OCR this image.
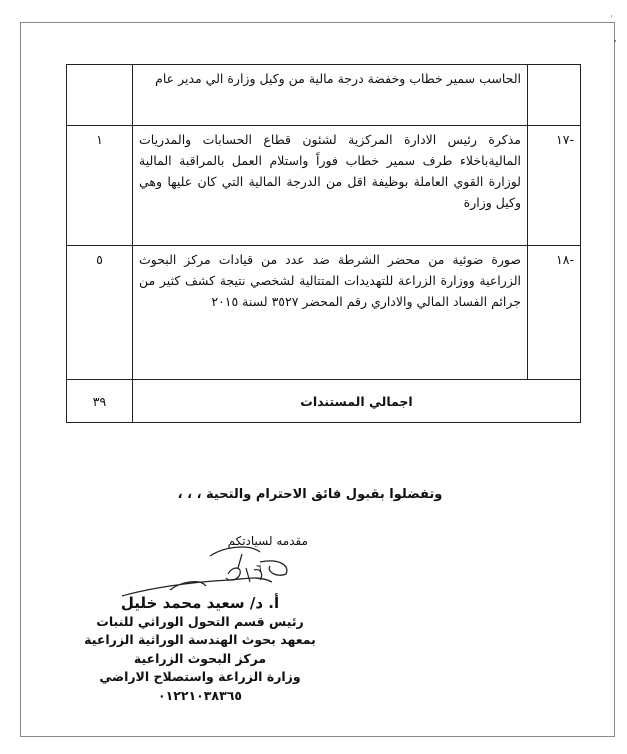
'
	الحاسب سمير خطاب وخفضة درجة مالية من وكيل وزارة الي مدير عام	
-١٧	مذكرة رئيس الادارة المركزية لشئون قطاع الحسابات والمدريات الماليةباخلاء طرف سمير خطاب فوراً واستلام العمل بالمراقبة المالية لوزارة القوي العاملة بوظيفة اقل من الدرجة المالية التي كان عليها وهي وكيل وزارة	١
-١٨	صورة ضوئية من محضر الشرطة ضد عدد من قيادات مركز البحوث الزراعية ووزارة الزراعة للتهديدات المتتالية لشخصي نتيجة كشف كثير من جرائم الفساد المالي والاداري رقم المحضر ٣٥٢٧ لسنة ٢٠١٥	٥
اجمالي المستندات		٣٩
وتفضلوا بقبول فائق الاحترام والتحية ، ، ،
مقدمه لسيادتكم
٦
أ. د/ سعيد محمد خليل
رئيس قسم التحول الوراثي للنبات
بمعهد بحوث الهندسة الوراثية الزراعية
مركز البحوث الزراعية
وزارة الزراعة واستصلاح الاراضي
٠١٢٢١٠٣٨٣٦٥
